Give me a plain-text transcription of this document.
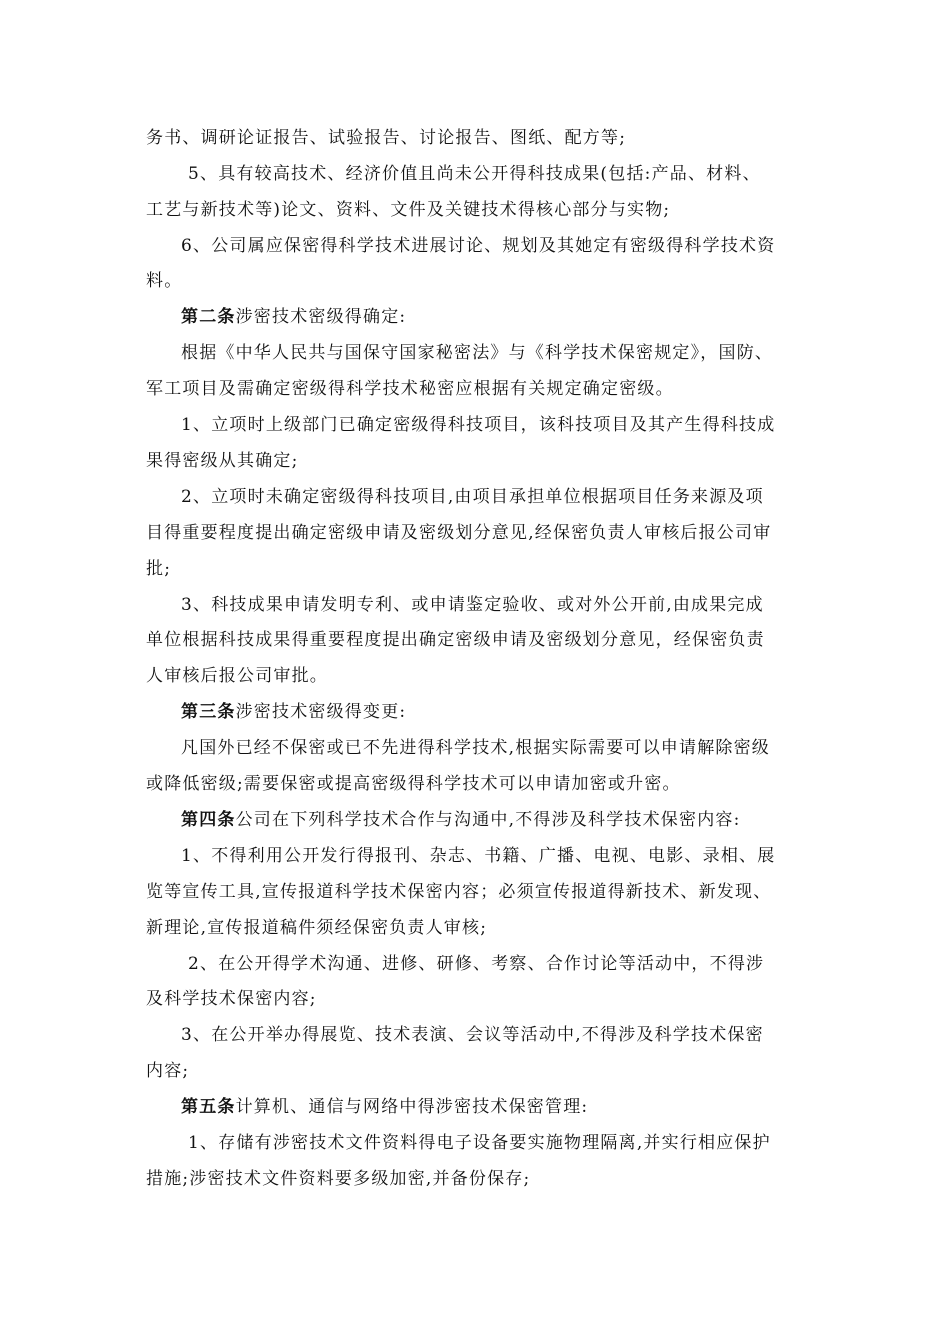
务书、调研论证报告、试验报告、讨论报告、图纸、配方等;
5、具有较高技术、经济价值且尚未公开得科技成果(包括:产品、材料、
工艺与新技术等)论文、资料、文件及关键技术得核心部分与实物;
6、公司属应保密得科学技术进展讨论、规划及其她定有密级得科学技术资
料。
第二条涉密技术密级得确定:
根据《中华人民共与国保守国家秘密法》与《科学技术保密规定》，国防、
军工项目及需确定密级得科学技术秘密应根据有关规定确定密级。
1、立项时上级部门已确定密级得科技项目，该科技项目及其产生得科技成
果得密级从其确定;
2、立项时未确定密级得科技项目,由项目承担单位根据项目任务来源及项
目得重要程度提出确定密级申请及密级划分意见,经保密负责人审核后报公司审
批;
3、科技成果申请发明专利、或申请鉴定验收、或对外公开前,由成果完成
单位根据科技成果得重要程度提出确定密级申请及密级划分意见，经保密负责
人审核后报公司审批。
第三条涉密技术密级得变更:
凡国外已经不保密或已不先进得科学技术,根据实际需要可以申请解除密级
或降低密级;需要保密或提高密级得科学技术可以申请加密或升密。
第四条公司在下列科学技术合作与沟通中,不得涉及科学技术保密内容:
1、不得利用公开发行得报刊、杂志、书籍、广播、电视、电影、录相、展
览等宣传工具,宣传报道科学技术保密内容；必须宣传报道得新技术、新发现、
新理论,宣传报道稿件须经保密负责人审核;
2、在公开得学术沟通、进修、研修、考察、合作讨论等活动中，不得涉
及科学技术保密内容;
3、在公开举办得展览、技术表演、会议等活动中,不得涉及科学技术保密
内容;
第五条计算机、通信与网络中得涉密技术保密管理:
1、存储有涉密技术文件资料得电子设备要实施物理隔离,并实行相应保护
措施;涉密技术文件资料要多级加密,并备份保存;
